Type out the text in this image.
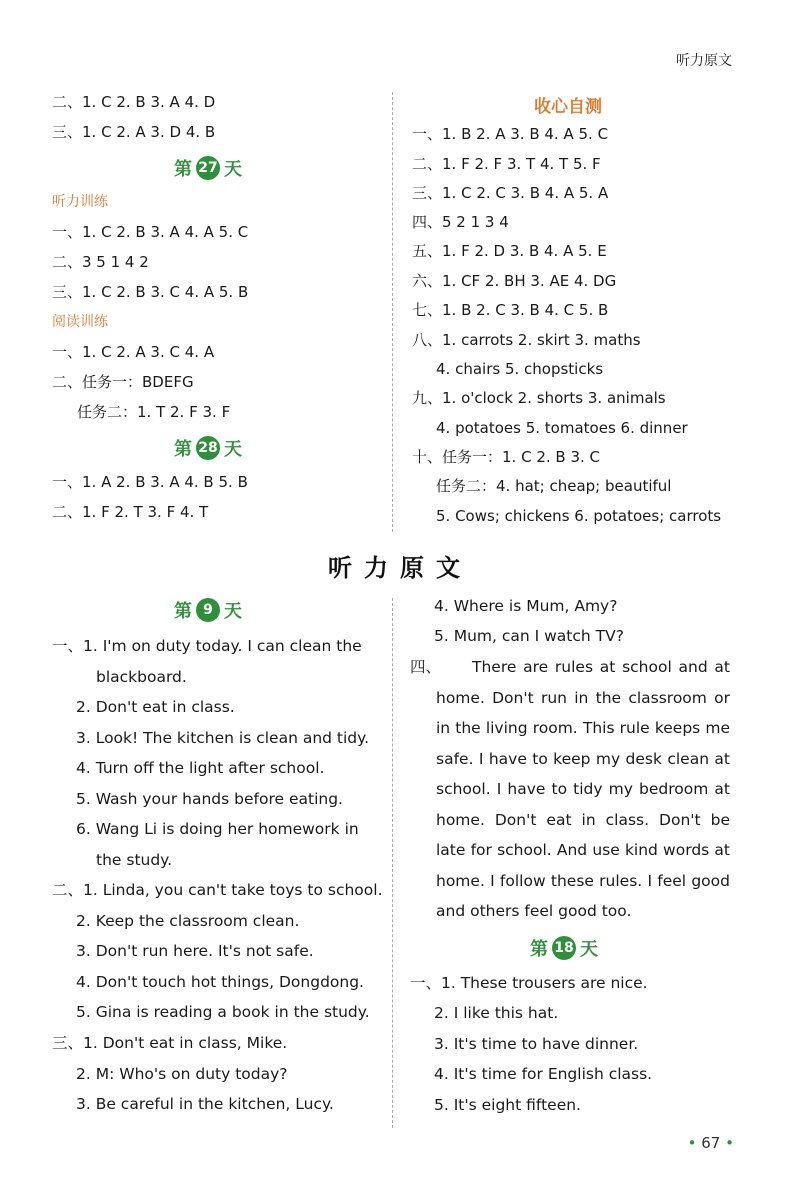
听力原文
二、1. C 2. B 3. A 4. D
三、1. C 2. A 3. D 4. B
第 27 天
听力训练
一、1. C 2. B 3. A 4. A 5. C
二、3 5 1 4 2
三、1. C 2. B 3. C 4. A 5. B
阅读训练
一、1. C 2. A 3. C 4. A
二、任务一：BDEFG
任务二：1. T 2. F 3. F
第 28 天
一、1. A 2. B 3. A 4. B 5. B
二、1. F 2. T 3. F 4. T
收心自测
一、1. B 2. A 3. B 4. A 5. C
二、1. F 2. F 3. T 4. T 5. F
三、1. C 2. C 3. B 4. A 5. A
四、5 2 1 3 4
五、1. F 2. D 3. B 4. A 5. E
六、1. CF 2. BH 3. AE 4. DG
七、1. B 2. C 3. B 4. C 5. B
八、1. carrots 2. skirt 3. maths
4. chairs 5. chopsticks
九、1. o'clock 2. shorts 3. animals
4. potatoes 5. tomatoes 6. dinner
十、任务一：1. C 2. B 3. C
任务二：4. hat; cheap; beautiful
5. Cows; chickens 6. potatoes; carrots
听力原文
第 9 天
一、1. I'm on duty today. I can clean the
blackboard.
2. Don't eat in class.
3. Look! The kitchen is clean and tidy.
4. Turn off the light after school.
5. Wash your hands before eating.
6. Wang Li is doing her homework in
the study.
二、1. Linda, you can't take toys to school.
2. Keep the classroom clean.
3. Don't run here. It's not safe.
4. Don't touch hot things, Dongdong.
5. Gina is reading a book in the study.
三、1. Don't eat in class, Mike.
2. M: Who's on duty today?
3. Be careful in the kitchen, Lucy.
4. Where is Mum, Amy?
5. Mum, can I watch TV?
四、	There are rules at school and at home. Don't run in the classroom or in the living room. This rule keeps me safe. I have to keep my desk clean at school. I have to tidy my bedroom at home. Don't eat in class. Don't be late for school. And use kind words at home. I follow these rules. I feel good and others feel good too.
第 18 天
一、1. These trousers are nice.
2. I like this hat.
3. It's time to have dinner.
4. It's time for English class.
5. It's eight fifteen.
• 67 •
